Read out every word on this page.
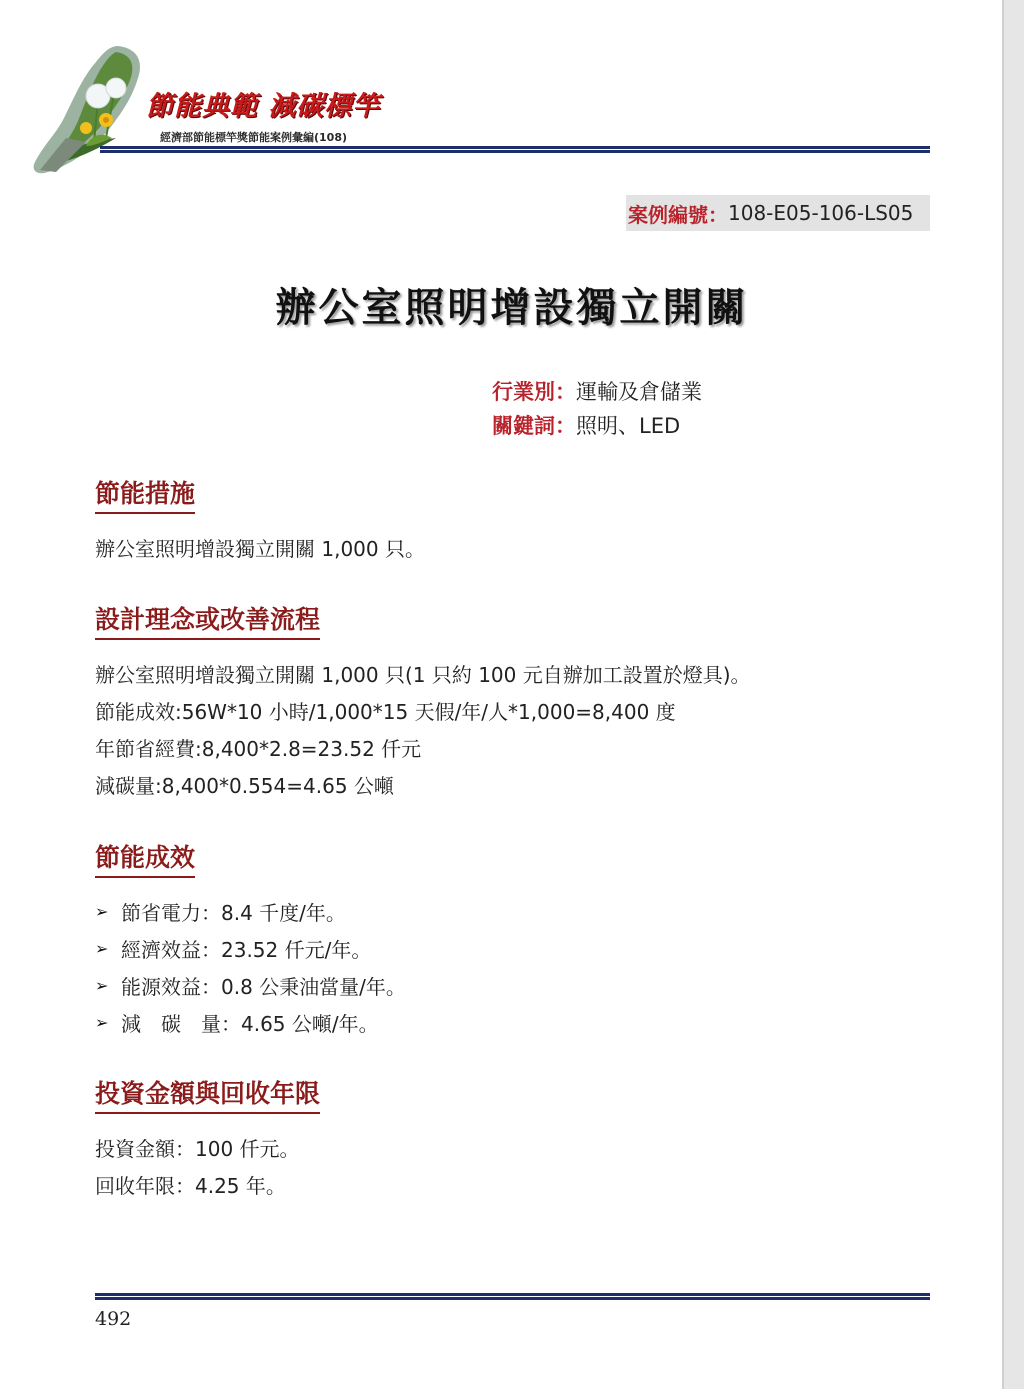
節能典範 減碳標竿
經濟部節能標竿獎節能案例彙編(108)
案例編號： 108-E05-106-LS05
辦公室照明增設獨立開關
行業別：運輸及倉儲業
關鍵詞：照明、LED
節能措施
辦公室照明增設獨立開關 1,000 只。
設計理念或改善流程
辦公室照明增設獨立開關 1,000 只(1 只約 100 元自辦加工設置於燈具)。
節能成效:56W*10 小時/1,000*15 天假/年/人*1,000=8,400 度
年節省經費:8,400*2.8=23.52 仟元
減碳量:8,400*0.554=4.65 公噸
節能成效
➢ 節省電力：8.4 千度/年。
➢ 經濟效益：23.52 仟元/年。
➢ 能源效益：0.8 公秉油當量/年。
➢ 減　碳　量：4.65 公噸/年。
投資金額與回收年限
投資金額：100 仟元。
回收年限：4.25 年。
492
